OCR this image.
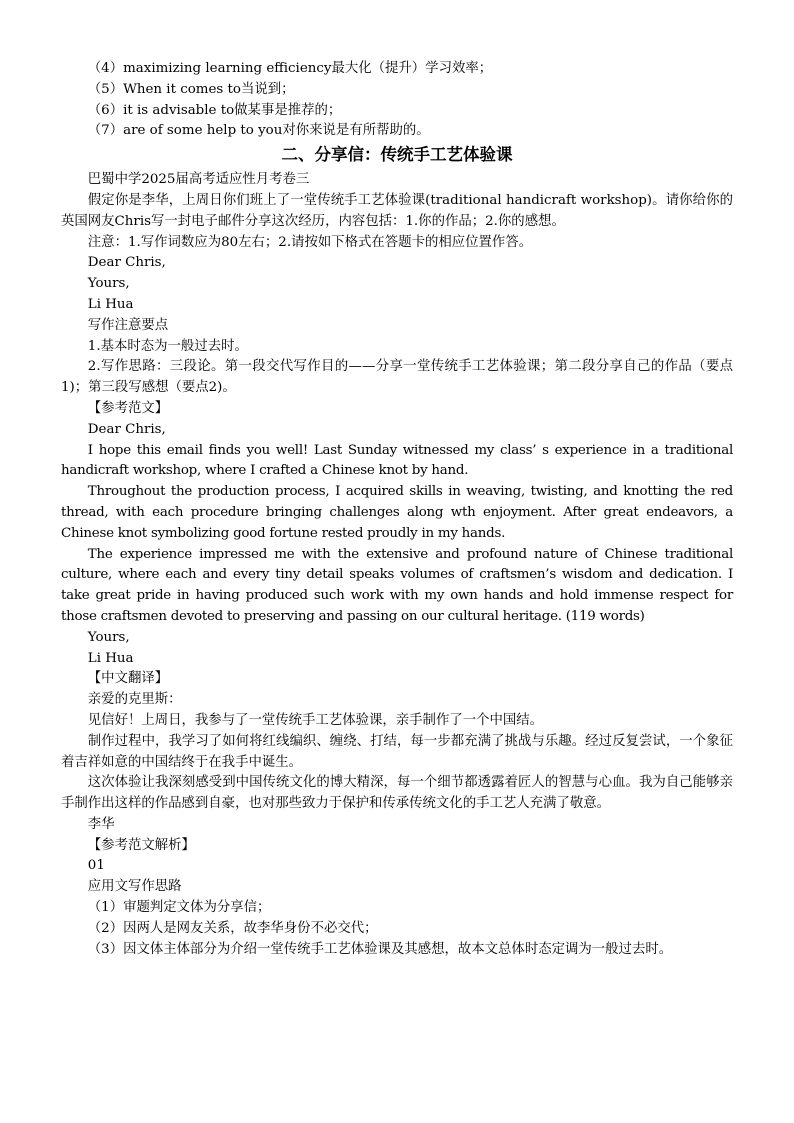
（4）maximizing learning efficiency最大化（提升）学习效率；

（5）When it comes to当说到；

（6）it is advisable to做某事是推荐的；

（7）are of some help to you对你来说是有所帮助的。

二、分享信：传统手工艺体验课

巴蜀中学2025届高考适应性月考卷三

假定你是李华，上周日你们班上了一堂传统手工艺体验课(traditional handicraft workshop)。请你给你的英国网友Chris写一封电子邮件分享这次经历，内容包括：1.你的作品；2.你的感想。

注意：1.写作词数应为80左右；2.请按如下格式在答题卡的相应位置作答。

Dear Chris,

Yours,

Li Hua

写作注意要点

1.基本时态为一般过去时。

2.写作思路：三段论。第一段交代写作目的——分享一堂传统手工艺体验课；第二段分享自己的作品（要点1)；第三段写感想（要点2)。

【参考范文】

Dear Chris,

I hope this email finds you well! Last Sunday witnessed my class’ s experience in a traditional handicraft workshop, where I crafted a Chinese knot by hand.

Throughout the production process, I acquired skills in weaving, twisting, and knotting the red thread, with each procedure bringing challenges along wth enjoyment. After great endeavors, a Chinese knot symbolizing good fortune rested proudly in my hands.

The experience impressed me with the extensive and profound nature of Chinese traditional culture, where each and every tiny detail speaks volumes of craftsmen’s wisdom and dedication. I take great pride in having produced such work with my own hands and hold immense respect for those craftsmen devoted to preserving and passing on our cultural heritage. (119 words)

Yours,

Li Hua

【中文翻译】

亲爱的克里斯：

见信好！上周日，我参与了一堂传统手工艺体验课，亲手制作了一个中国结。

制作过程中，我学习了如何将红线编织、缠绕、打结，每一步都充满了挑战与乐趣。经过反复尝试，一个象征着吉祥如意的中国结终于在我手中诞生。

这次体验让我深刻感受到中国传统文化的博大精深，每一个细节都透露着匠人的智慧与心血。我为自己能够亲手制作出这样的作品感到自豪，也对那些致力于保护和传承传统文化的手工艺人充满了敬意。

李华

【参考范文解析】

01

应用文写作思路

（1）审题判定文体为分享信；

（2）因两人是网友关系，故李华身份不必交代；

（3）因文体主体部分为介绍一堂传统手工艺体验课及其感想，故本文总体时态定调为一般过去时。
